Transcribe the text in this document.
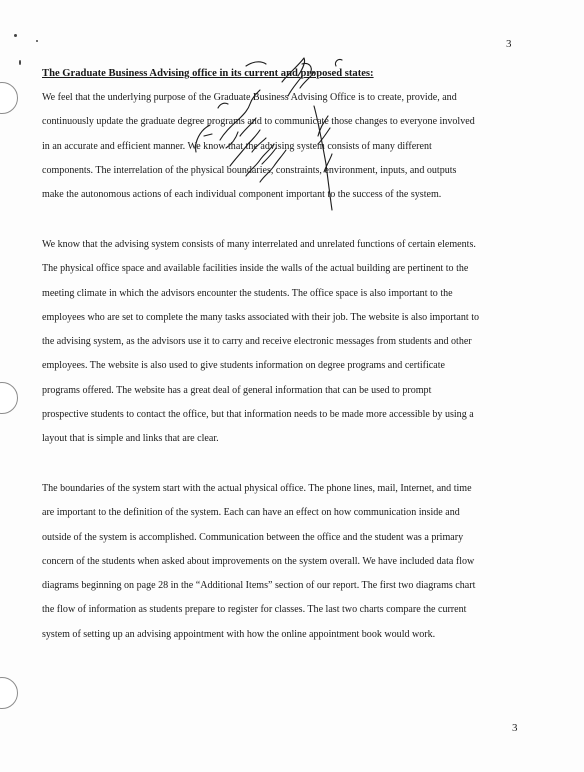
3
The Graduate Business Advising office in its current and proposed states:

We feel that the underlying purpose of the Graduate Business Advising Office is to create, provide, and
continuously update the graduate degree programs and to communicate those changes to everyone involved
in an accurate and efficient manner. We know that the advising system consists of many different
components. The interrelation of the physical boundaries, constraints, environment, inputs, and outputs
make the autonomous actions of each individual component important to the success of the system.

We know that the advising system consists of many interrelated and unrelated functions of certain elements.
The physical office space and available facilities inside the walls of the actual building are pertinent to the
meeting climate in which the advisors encounter the students. The office space is also important to the
employees who are set to complete the many tasks associated with their job. The website is also important to
the advising system, as the advisors use it to carry and receive electronic messages from students and other
employees. The website is also used to give students information on degree programs and certificate
programs offered. The website has a great deal of general information that can be used to prompt
prospective students to contact the office, but that information needs to be made more accessible by using a
layout that is simple and links that are clear.

The boundaries of the system start with the actual physical office. The phone lines, mail, Internet, and time
are important to the definition of the system. Each can have an effect on how communication inside and
outside of the system is accomplished. Communication between the office and the student was a primary
concern of the students when asked about improvements on the system overall. We have included data flow
diagrams beginning on page 28 in the “Additional Items” section of our report. The first two diagrams chart
the flow of information as students prepare to register for classes. The last two charts compare the current
system of setting up an advising appointment with how the online appointment book would work.

3
